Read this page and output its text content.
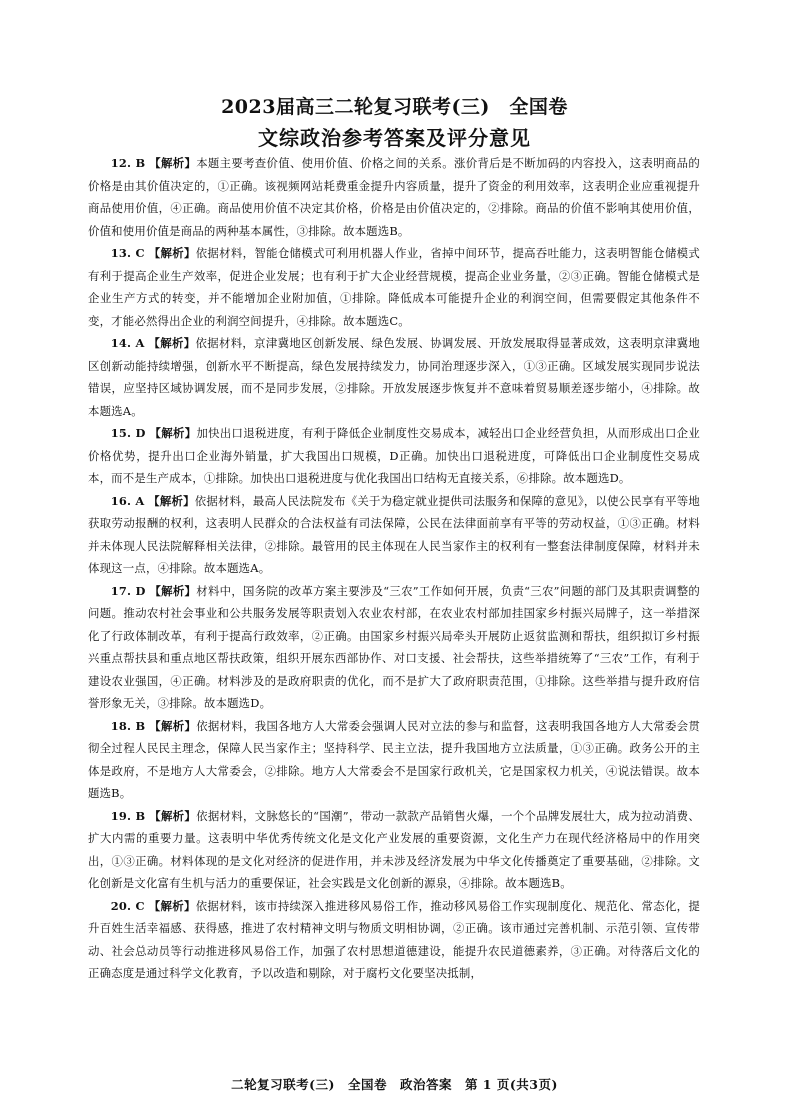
2023届高三二轮复习联考(三)　全国卷
文综政治参考答案及评分意见

12. B 【解析】本题主要考查价值、使用价值、价格之间的关系。涨价背后是不断加码的内容投入，这表明商品的价格是由其价值决定的，①正确。该视频网站耗费重金提升内容质量，提升了资金的利用效率，这表明企业应重视提升商品使用价值，④正确。商品使用价值不决定其价格，价格是由价值决定的，②排除。商品的价值不影响其使用价值，价值和使用价值是商品的两种基本属性，③排除。故本题选B。

13. C 【解析】依据材料，智能仓储模式可利用机器人作业，省掉中间环节，提高吞吐能力，这表明智能仓储模式有利于提高企业生产效率，促进企业发展；也有利于扩大企业经营规模，提高企业业务量，②③正确。智能仓储模式是企业生产方式的转变，并不能增加企业附加值，①排除。降低成本可能提升企业的利润空间，但需要假定其他条件不变，才能必然得出企业的利润空间提升，④排除。故本题选C。

14. A 【解析】依据材料，京津冀地区创新发展、绿色发展、协调发展、开放发展取得显著成效，这表明京津冀地区创新动能持续增强，创新水平不断提高，绿色发展持续发力，协同治理逐步深入，①③正确。区域发展实现同步说法错误，应坚持区域协调发展，而不是同步发展，②排除。开放发展逐步恢复并不意味着贸易顺差逐步缩小，④排除。故本题选A。

15. D 【解析】加快出口退税进度，有利于降低企业制度性交易成本，减轻出口企业经营负担，从而形成出口企业价格优势，提升出口企业海外销量，扩大我国出口规模，D正确。加快出口退税进度，可降低出口企业制度性交易成本，而不是生产成本，①排除。加快出口退税进度与优化我国出口结构无直接关系，⑥排除。故本题选D。

16. A 【解析】依据材料，最高人民法院发布《关于为稳定就业提供司法服务和保障的意见》，以使公民享有平等地获取劳动报酬的权利，这表明人民群众的合法权益有司法保障，公民在法律面前享有平等的劳动权益，①③正确。材料并未体现人民法院解释相关法律，②排除。最管用的民主体现在人民当家作主的权利有一整套法律制度保障，材料并未体现这一点，④排除。故本题选A。

17. D 【解析】材料中，国务院的改革方案主要涉及“三农”工作如何开展，负责“三农”问题的部门及其职责调整的问题。推动农村社会事业和公共服务发展等职责划入农业农村部，在农业农村部加挂国家乡村振兴局牌子，这一举措深化了行政体制改革，有利于提高行政效率，②正确。由国家乡村振兴局牵头开展防止返贫监测和帮扶，组织拟订乡村振兴重点帮扶县和重点地区帮扶政策，组织开展东西部协作、对口支援、社会帮扶，这些举措统筹了“三农”工作，有利于建设农业强国，④正确。材料涉及的是政府职责的优化，而不是扩大了政府职责范围，①排除。这些举措与提升政府信誉形象无关，③排除。故本题选D。

18. B 【解析】依据材料，我国各地方人大常委会强调人民对立法的参与和监督，这表明我国各地方人大常委会贯彻全过程人民民主理念，保障人民当家作主；坚持科学、民主立法，提升我国地方立法质量，①③正确。政务公开的主体是政府，不是地方人大常委会，②排除。地方人大常委会不是国家行政机关，它是国家权力机关，④说法错误。故本题选B。

19. B 【解析】依据材料，文脉悠长的“国潮”，带动一款款产品销售火爆，一个个品牌发展壮大，成为拉动消费、扩大内需的重要力量。这表明中华优秀传统文化是文化产业发展的重要资源，文化生产力在现代经济格局中的作用突出，①③正确。材料体现的是文化对经济的促进作用，并未涉及经济发展为中华文化传播奠定了重要基础，②排除。文化创新是文化富有生机与活力的重要保证，社会实践是文化创新的源泉，④排除。故本题选B。

20. C 【解析】依据材料，该市持续深入推进移风易俗工作，推动移风易俗工作实现制度化、规范化、常态化，提升百姓生活幸福感、获得感，推进了农村精神文明与物质文明相协调，②正确。该市通过完善机制、示范引领、宣传带动、社会总动员等行动推进移风易俗工作，加强了农村思想道德建设，能提升农民道德素养，③正确。对待落后文化的正确态度是通过科学文化教育，予以改造和剔除，对于腐朽文化要坚决抵制，

二轮复习联考(三)　全国卷　政治答案　第 1 页(共3页)
